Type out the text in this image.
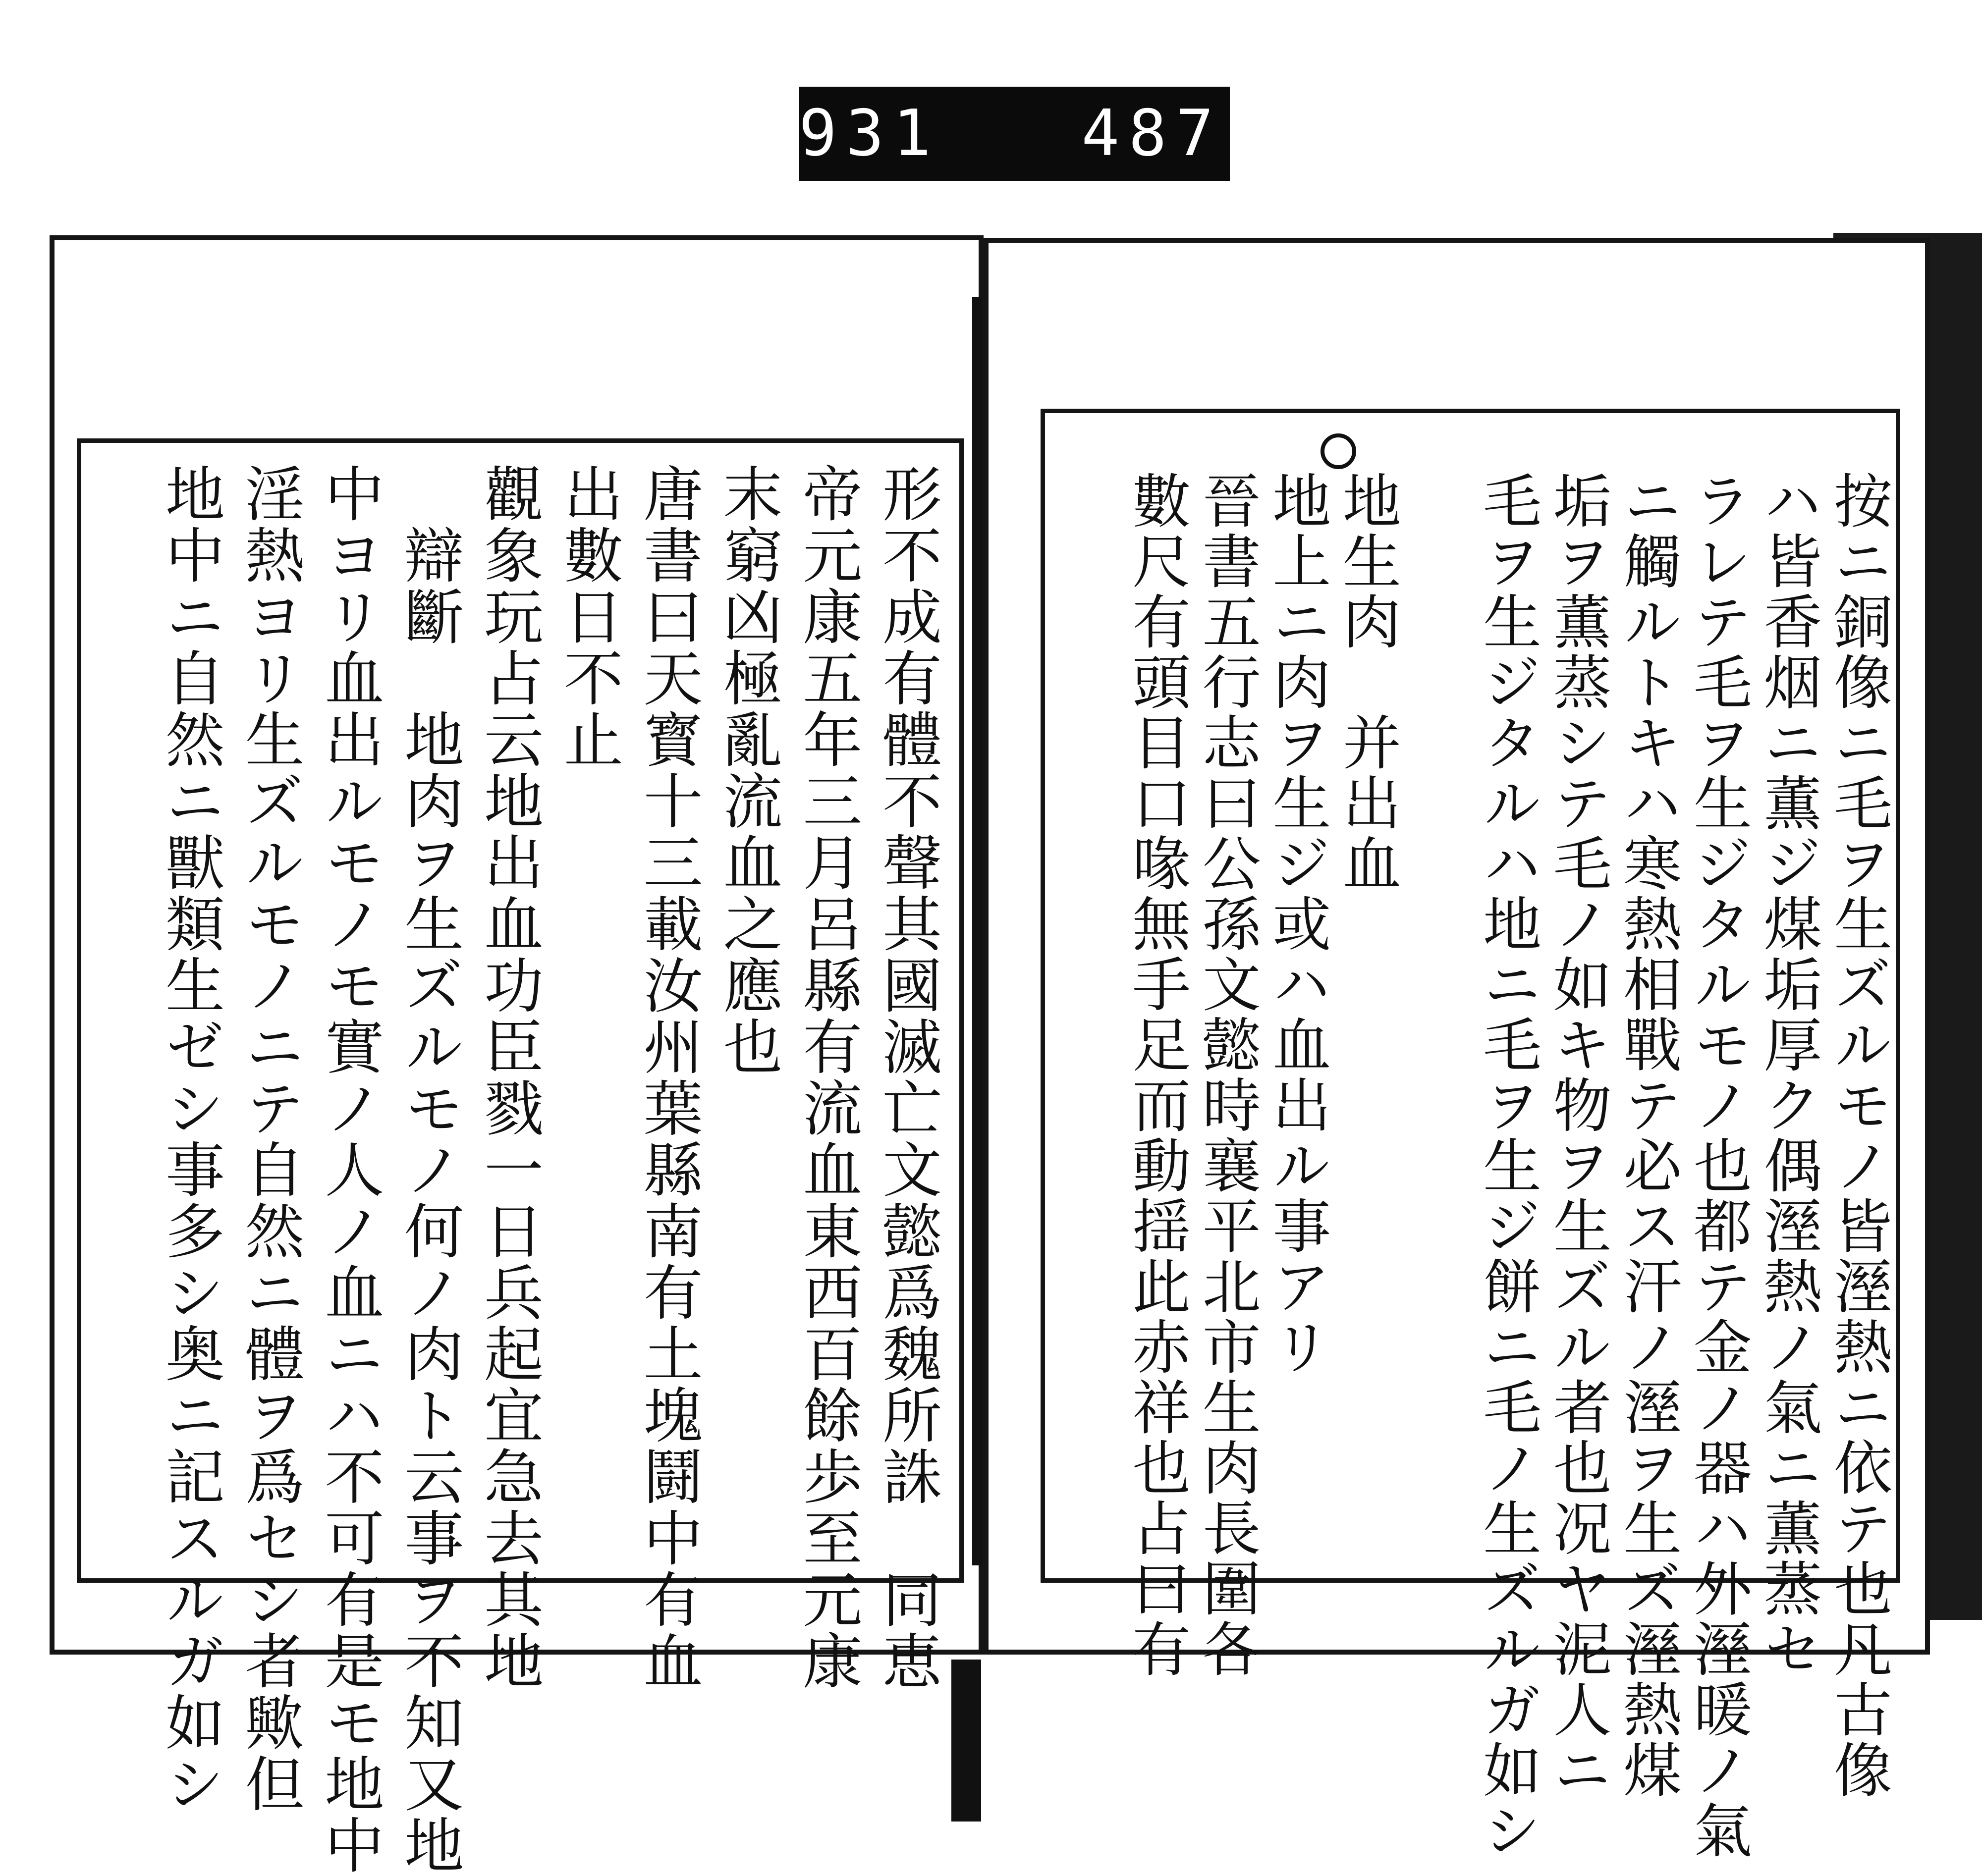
931   487.
形不成有體不聲其國滅亡文懿爲魏所誅　同恵
帝元康五年三月呂縣有流血東西百餘歩至元康
末窮凶極亂流血之應也
唐書曰天寳十三載汝州葉縣南有土塊鬪中有血
出數日不止
觀象玩占云地出血功臣戮一日兵起宜急去其地
　辯斷　地肉ヲ生ズルモノ何ノ肉ト云事ヲ不知又地
中ヨリ血出ルモノモ實ノ人ノ血ニハ不可有是モ地中
淫熱ヨリ生ズルモノニテ自然ニ體ヲ爲セシ者歟但
地中ニ自然ニ獸類生ゼシ事多シ奥ニ記スルガ如シ	按ニ銅像ニ毛ヲ生ズルモノ皆溼熱ニ依テ也凡古像
ハ皆香烟ニ薫ジ煤垢厚ク偶溼熱ノ氣ニ薫蒸セ
ラレテ毛ヲ生ジタルモノ也都テ金ノ器ハ外溼暖ノ氣
ニ觸ルトキハ寒熱相戰テ必ス汗ノ溼ヲ生ズ溼熱煤
垢ヲ薫蒸シテ毛ノ如キ物ヲ生ズル者也况ヤ泥人ニ
毛ヲ生ジタルハ地ニ毛ヲ生ジ餅ニ毛ノ生ズルガ如シ
地生肉　并出血
地上ニ肉ヲ生ジ或ハ血出ル事アリ
晉書五行志曰公孫文懿時襄平北市生肉長圍各
數尺有頭目口喙無手足而動揺此赤祥也占曰有
